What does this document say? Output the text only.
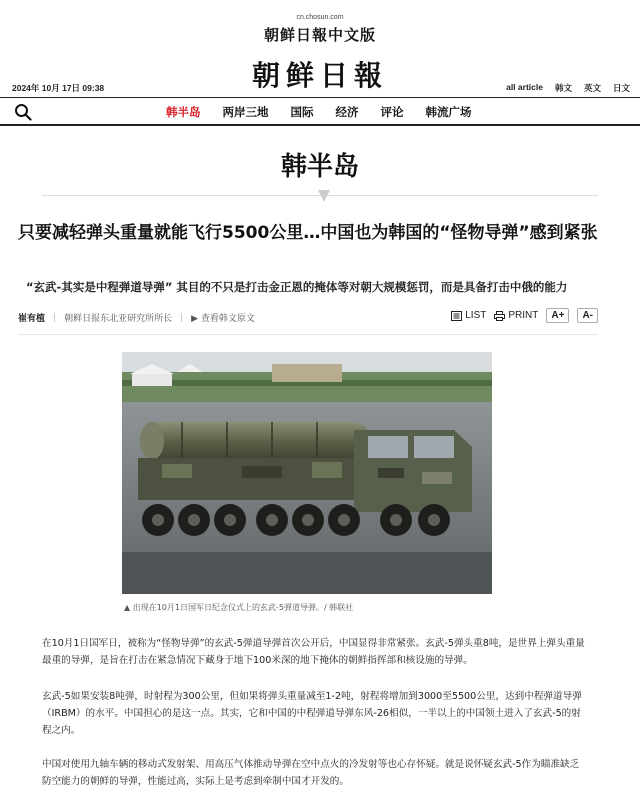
cn.chosun.com
朝鲜日報中文版
朝鲜日報
2024年 10月 17日 09:38	all article 韩文 英文 日文
韩半岛 两岸三地 国际 经济 评论 韩流广场
韩半岛
只要减轻弹头重量就能飞行5500公里…中国也为韩国的“怪物导弹”感到紧张
“玄武-其实是中程弹道导弹” 其目的不只是打击金正恩的掩体等对朝大规模惩罚，而是具备打击中俄的能力
崔有植 | 朝鲜日报东北亚研究所所长 | ▶ 查看韩文原文	LIST PRINT	A+	A-
▲ 出现在10月1日国军日纪念仪式上的玄武-5弹道导弹。/ 韩联社

在10月1日国军日，被称为“怪物导弹”的玄武-5弹道导弹首次公开后，中国显得非常紧张。玄武-5弹头重8吨，是世界上弹头重量最重的导弹，是旨在打击在紧急情况下藏身于地下100米深的地下掩体的朝鲜指挥部和核设施的导弹。

玄武-5如果安装8吨弹，时射程为300公里，但如果将弹头重量减至1-2吨，射程将增加到3000至5500公里，达到中程弹道导弹（IRBM）的水平。中国担心的是这一点。其实，它和中国的中程弹道导弹东风-26相似，一半以上的中国领土进入了玄武-5的射程之内。

中国对使用九轴车辆的移动式发射架、用高压气体推动导弹在空中点火的冷发射等也心存怀疑。就是说怀疑玄武-5作为瞄准缺乏防空能力的朝鲜的导弹，性能过高，实际上是考虑到牵制中国才开发的。
